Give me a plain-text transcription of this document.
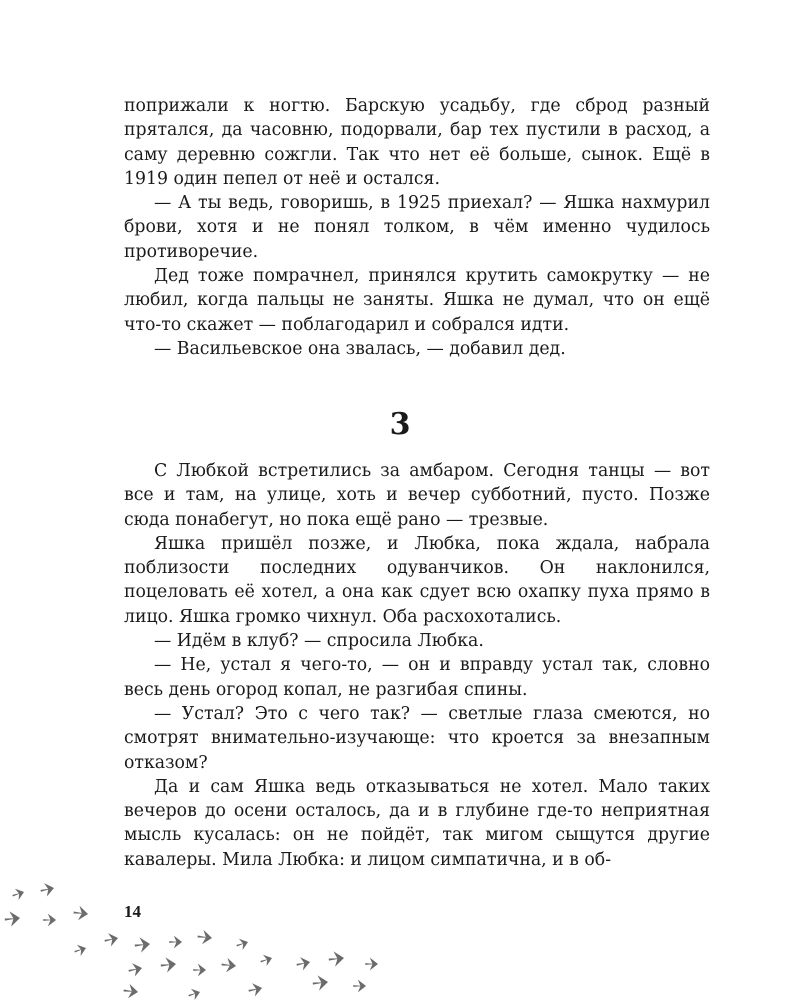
поприжали к ногтю. Барскую усадьбу, где сброд разный прятался, да часовню, подорвали, бар тех пустили в расход, а саму деревню сожгли. Так что нет её больше, сынок. Ещё в 1919 один пепел от неё и остался.

— А ты ведь, говоришь, в 1925 приехал? — Яшка нахмурил брови, хотя и не понял толком, в чём именно чудилось противоречие.

Дед тоже помрачнел, принялся крутить самокрутку — не любил, когда пальцы не заняты. Яшка не думал, что он ещё что-то скажет — поблагодарил и собрался идти.

— Васильевское она звалась, — добавил дед.

3

С Любкой встретились за амбаром. Сегодня танцы — вот все и там, на улице, хоть и вечер субботний, пусто. Позже сюда понабегут, но пока ещё рано — трезвые.

Яшка пришёл позже, и Любка, пока ждала, набрала поблизости последних одуванчиков. Он наклонился, поцеловать её хотел, а она как сдует всю охапку пуха прямо в лицо. Яшка громко чихнул. Оба расхохотались.

— Идём в клуб? — спросила Любка.

— Не, устал я чего-то, — он и вправду устал так, словно весь день огород копал, не разгибая спины.

— Устал? Это с чего так? — светлые глаза смеются, но смотрят внимательно-изучающе: что кроется за внезапным отказом?

Да и сам Яшка ведь отказываться не хотел. Мало таких вечеров до осени осталось, да и в глубине где-то неприятная мысль кусалась: он не пойдёт, так мигом сыщутся другие кавалеры. Мила Любка: и лицом симпатична, и в об-

14
